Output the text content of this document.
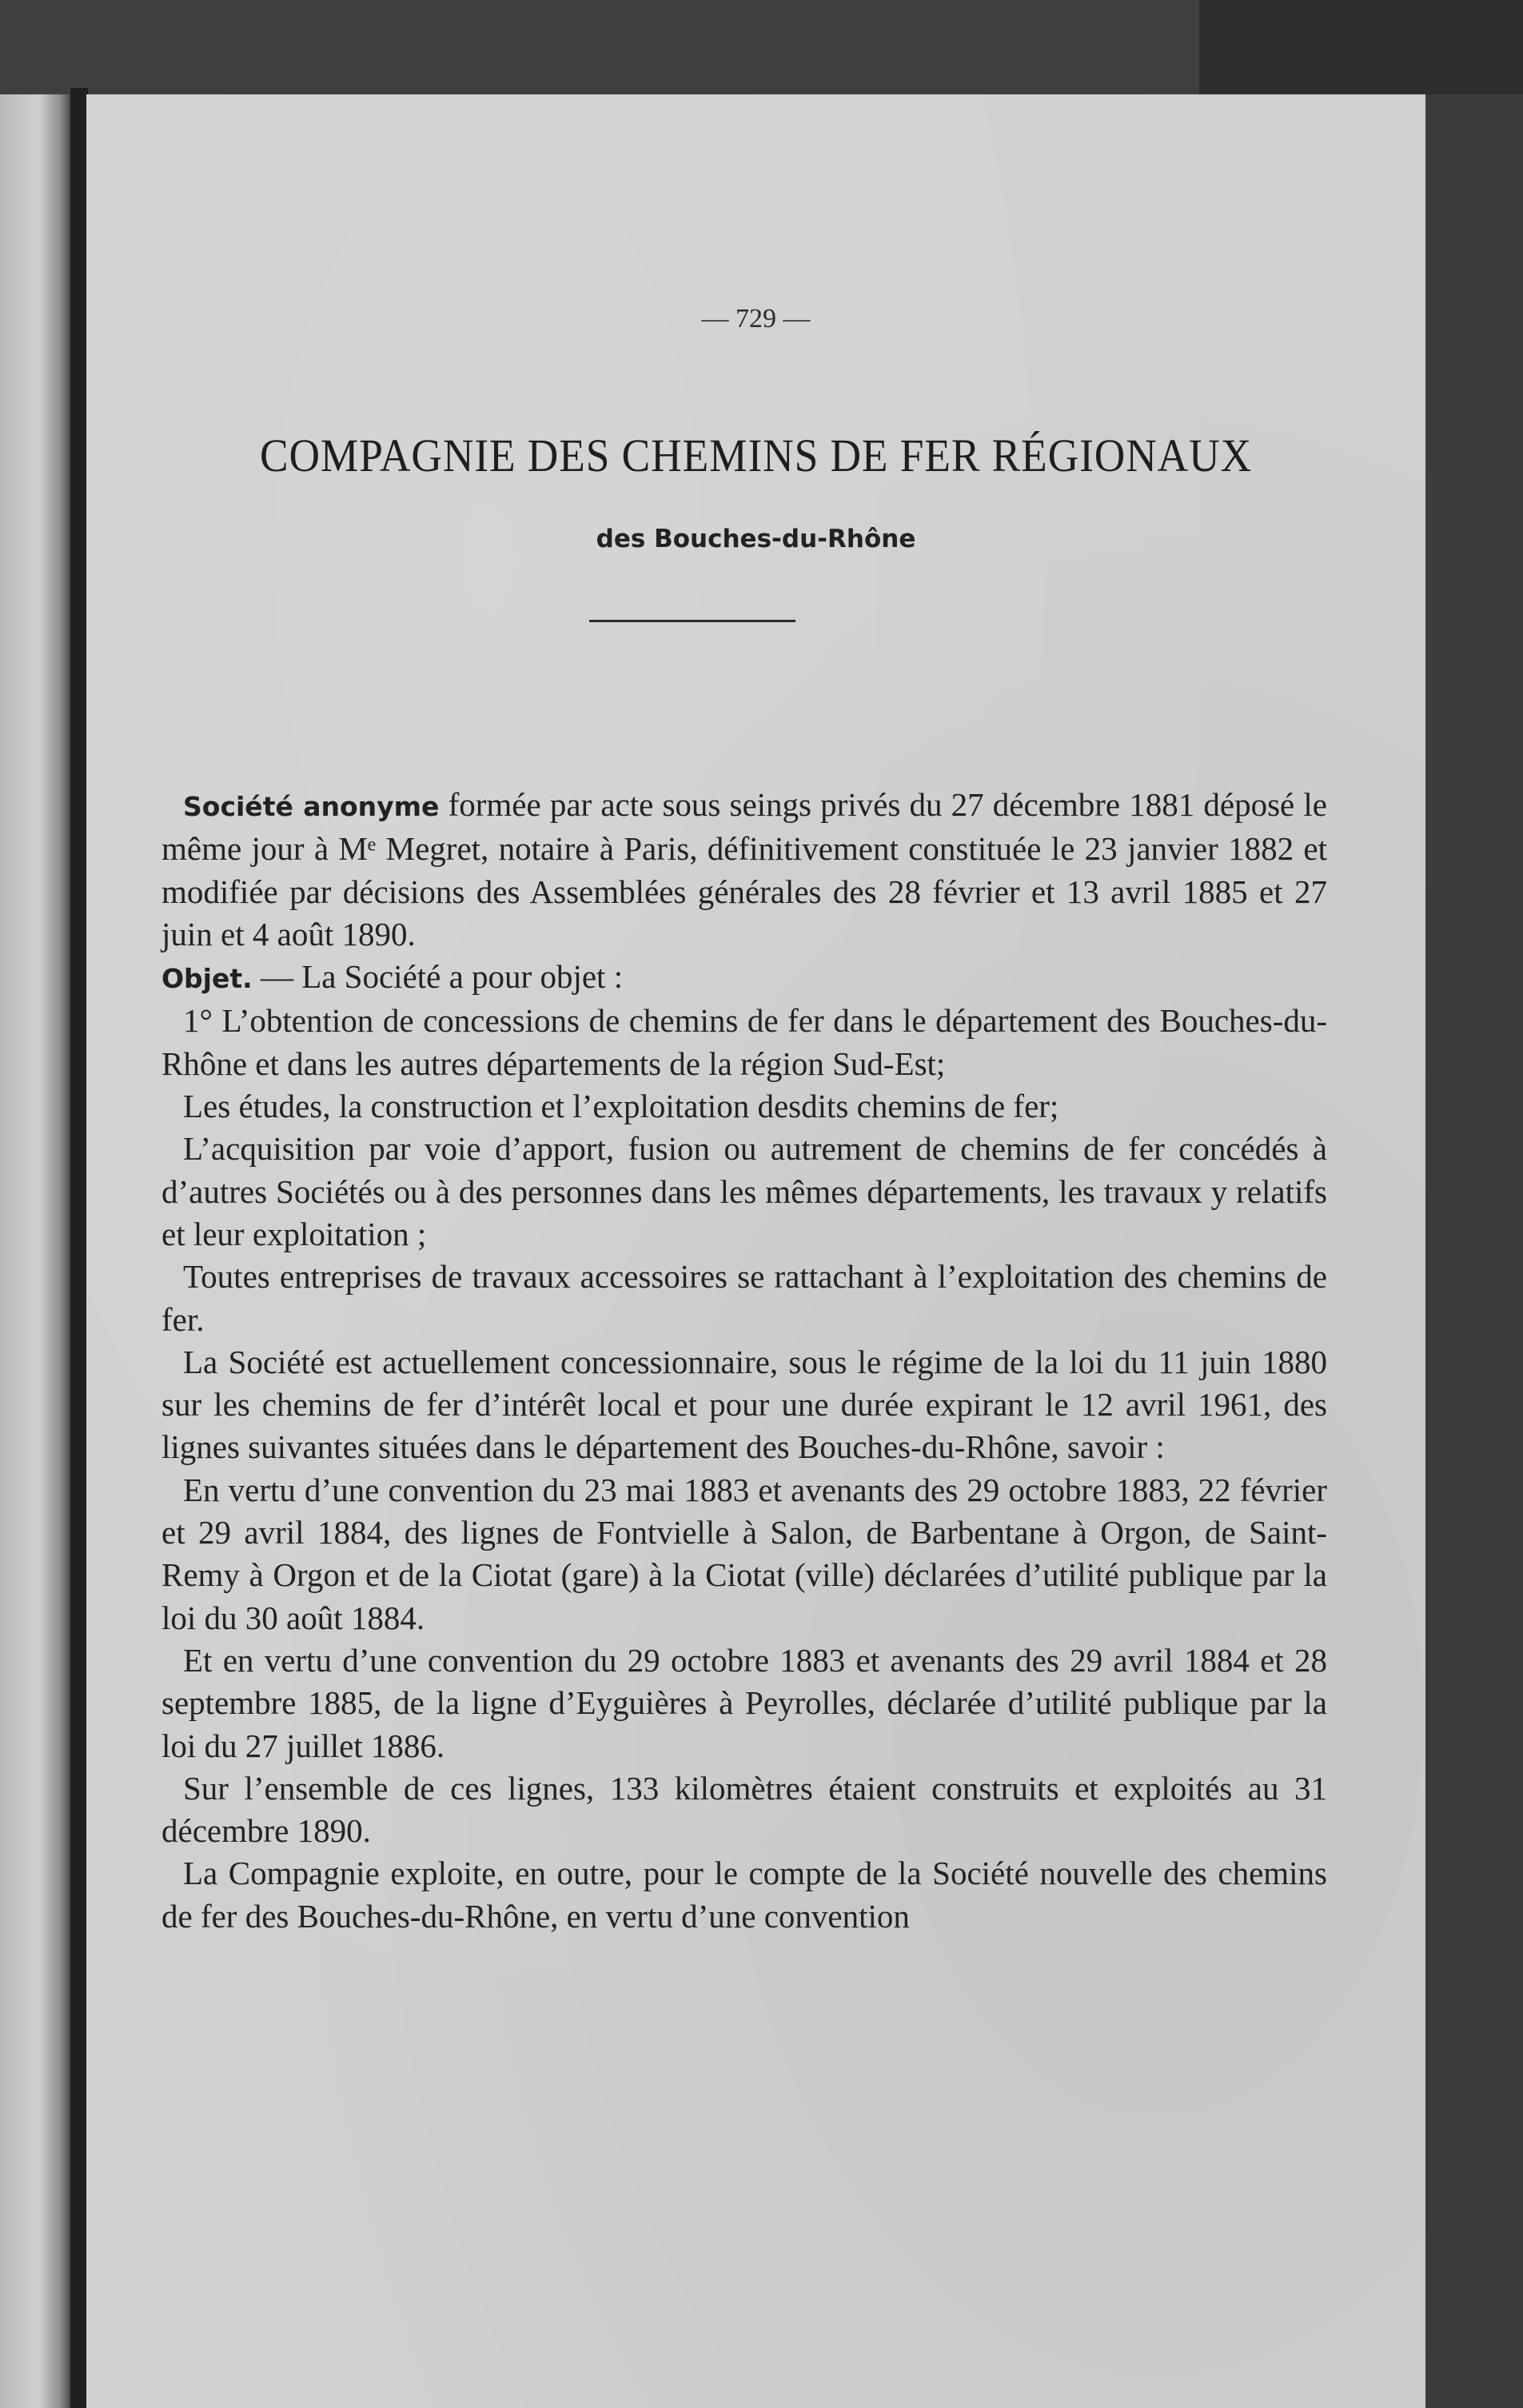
— 729 —
COMPAGNIE DES CHEMINS DE FER RÉGIONAUX
des Bouches-du-Rhône

Société anonyme formée par acte sous seings privés du 27 décembre 1881 déposé le même jour à Mᵉ Megret, notaire à Paris, définitivement constituée le 23 janvier 1882 et modifiée par décisions des Assemblées générales des 28 février et 13 avril 1885 et 27 juin et 4 août 1890.

Objet. — La Société a pour objet :

1° L’obtention de concessions de chemins de fer dans le département des Bouches-du-Rhône et dans les autres départements de la région Sud-Est;

Les études, la construction et l’exploitation desdits chemins de fer;

L’acquisition par voie d’apport, fusion ou autrement de chemins de fer concédés à d’autres Sociétés ou à des personnes dans les mêmes départements, les travaux y relatifs et leur exploitation ;

Toutes entreprises de travaux accessoires se rattachant à l’exploitation des chemins de fer.

La Société est actuellement concessionnaire, sous le régime de la loi du 11 juin 1880 sur les chemins de fer d’intérêt local et pour une durée expirant le 12 avril 1961, des lignes suivantes situées dans le département des Bouches-du-Rhône, savoir :

En vertu d’une convention du 23 mai 1883 et avenants des 29 octobre 1883, 22 février et 29 avril 1884, des lignes de Fontvielle à Salon, de Barbentane à Orgon, de Saint-Remy à Orgon et de la Ciotat (gare) à la Ciotat (ville) déclarées d’utilité publique par la loi du 30 août 1884.

Et en vertu d’une convention du 29 octobre 1883 et avenants des 29 avril 1884 et 28 septembre 1885, de la ligne d’Eyguières à Peyrolles, déclarée d’utilité publique par la loi du 27 juillet 1886.

Sur l’ensemble de ces lignes, 133 kilomètres étaient construits et exploités au 31 décembre 1890.

La Compagnie exploite, en outre, pour le compte de la Société nouvelle des chemins de fer des Bouches-du-Rhône, en vertu d’une convention
